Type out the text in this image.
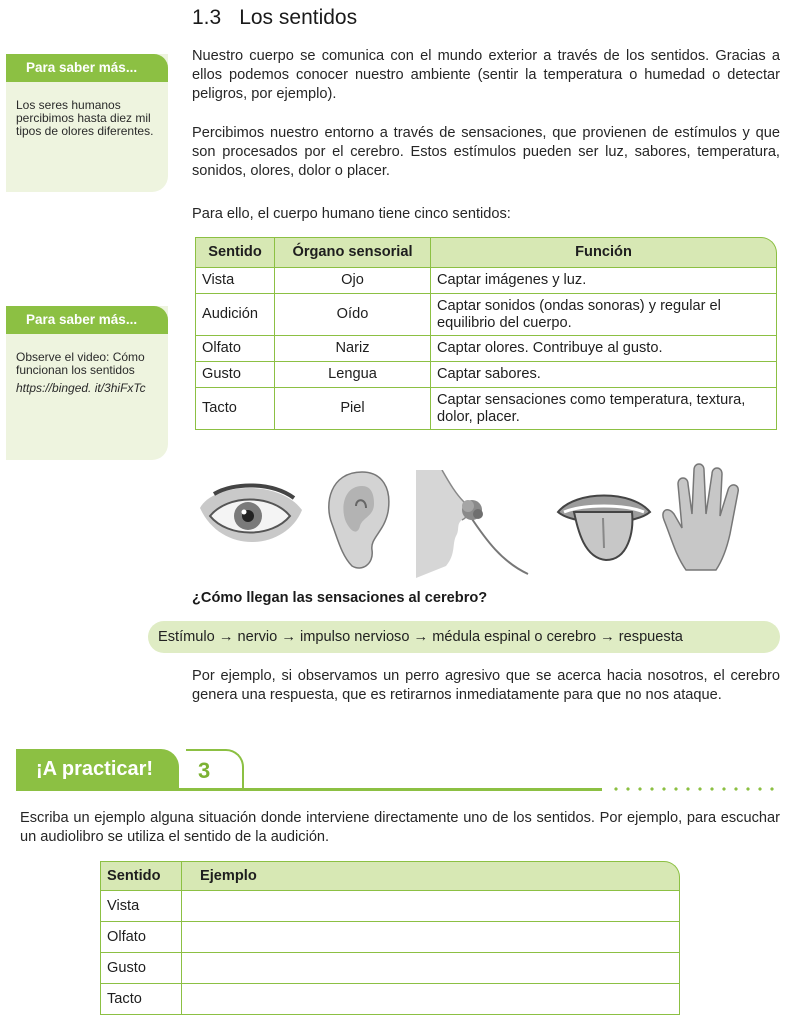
1.3 Los sentidos
Para saber más...
Los seres humanos percibimos hasta diez mil tipos de olores diferentes.
Para saber más...
Observe el video: Cómo funcionan los sentidos
https://binged. it/3hiFxTc

Nuestro cuerpo se comunica con el mundo exterior a través de los sentidos. Gracias a ellos podemos conocer nuestro ambiente (sentir la temperatura o humedad o detectar peligros, por ejemplo).

Percibimos nuestro entorno a través de sensaciones, que provienen de estímulos y que son procesados por el cerebro. Estos estímulos pueden ser luz, sabores, temperatura, sonidos, olores, dolor o placer.

Para ello, el cuerpo humano tiene cinco sentidos:

Sentido	Órgano sensorial	Función
Vista	Ojo	Captar imágenes y luz.
Audición	Oído	Captar sonidos (ondas sonoras) y regular el equilibrio del cuerpo.
Olfato	Nariz	Captar olores. Contribuye al gusto.
Gusto	Lengua	Captar sabores.
Tacto	Piel	Captar sensaciones como temperatura, textura, dolor, placer.
¿Cómo llegan las sensaciones al cerebro?
Estímulo → nervio → impulso nervioso → médula espinal o cerebro → respuesta

Por ejemplo, si observamos un perro agresivo que se acerca hacia nosotros, el cerebro genera una respuesta, que es retirarnos inmediatamente para que no nos ataque.

¡A practicar!	3

Escriba un ejemplo alguna situación donde interviene directamente uno de los sentidos. Por ejemplo, para escuchar un audiolibro se utiliza el sentido de la audición.

Sentido	Ejemplo
Vista	
Olfato	
Gusto	
Tacto	
